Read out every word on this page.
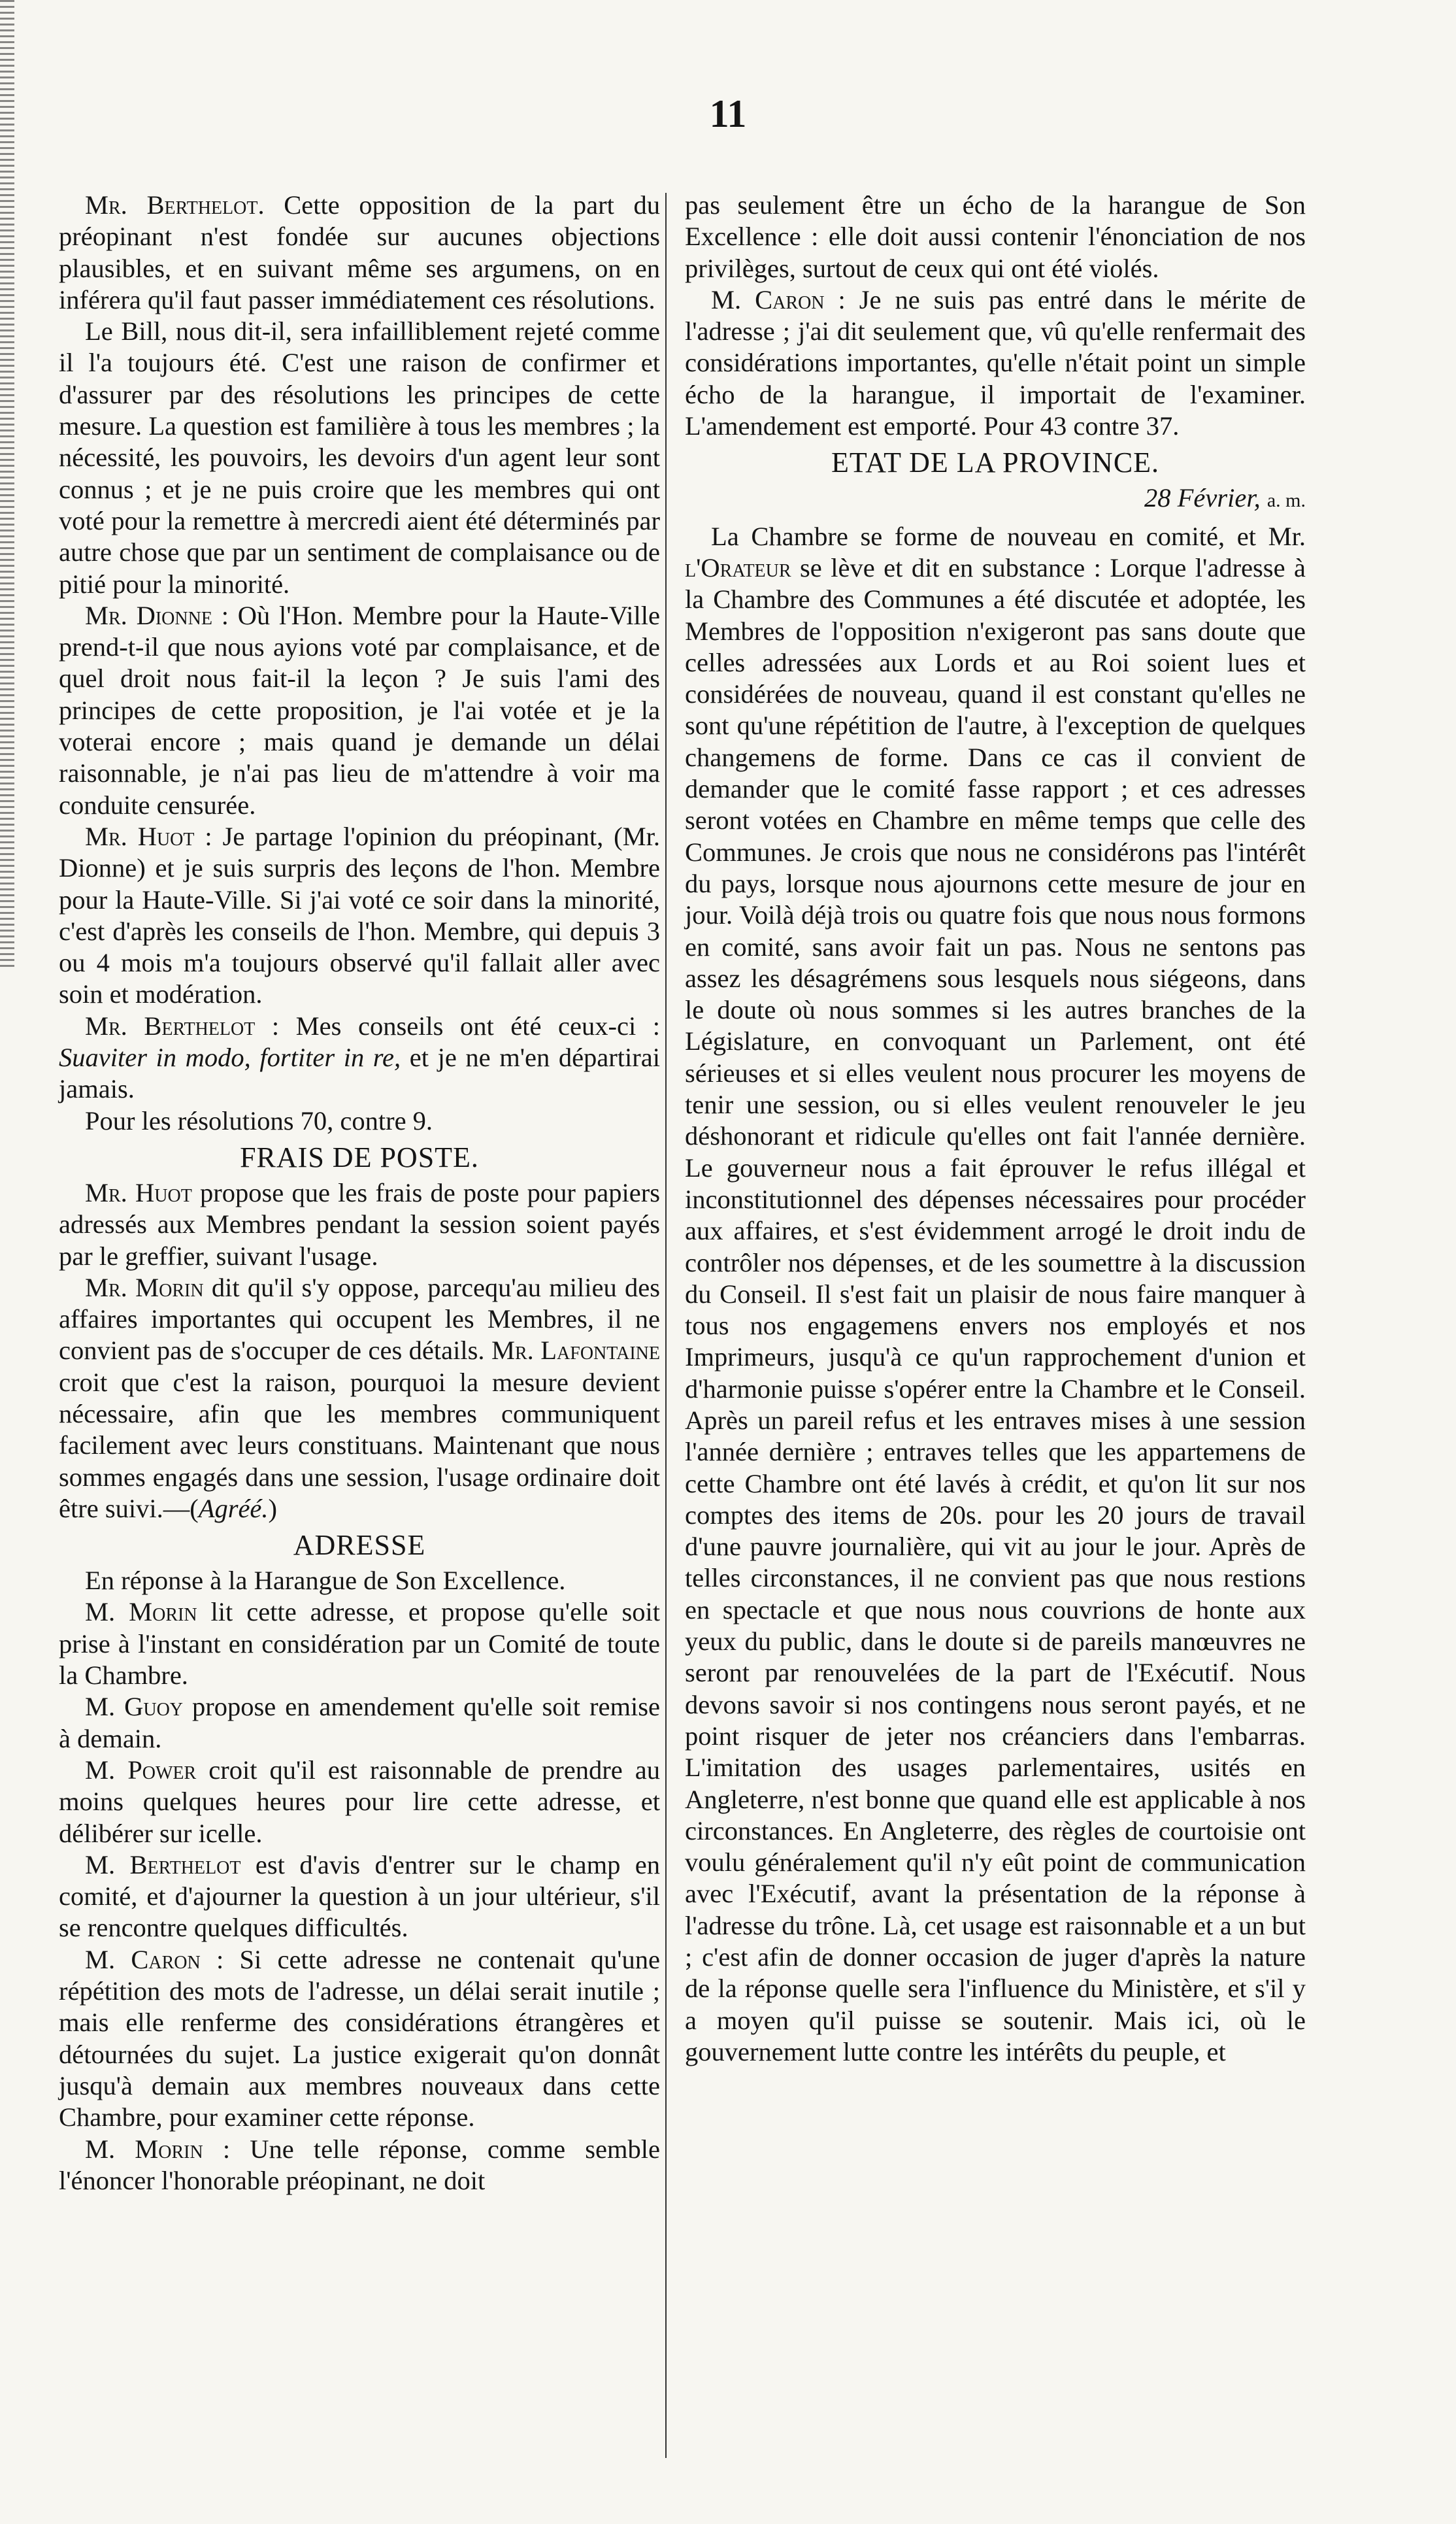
11

Mr. Berthelot. Cette opposition de la part du préopinant n'est fondée sur aucunes objections plausibles, et en suivant même ses argumens, on en inférera qu'il faut passer immédiatement ces résolutions.

Le Bill, nous dit-il, sera infailliblement rejeté comme il l'a toujours été. C'est une raison de confirmer et d'assurer par des résolutions les principes de cette mesure. La question est familière à tous les membres ; la nécessité, les pouvoirs, les devoirs d'un agent leur sont connus ; et je ne puis croire que les membres qui ont voté pour la remettre à mercredi aient été déterminés par autre chose que par un sentiment de complaisance ou de pitié pour la minorité.

Mr. Dionne : Où l'Hon. Membre pour la Haute-Ville prend-t-il que nous ayions voté par complaisance, et de quel droit nous fait-il la leçon ? Je suis l'ami des principes de cette proposition, je l'ai votée et je la voterai encore ; mais quand je demande un délai raisonnable, je n'ai pas lieu de m'attendre à voir ma conduite censurée.

Mr. Huot : Je partage l'opinion du préopinant, (Mr. Dionne) et je suis surpris des leçons de l'hon. Membre pour la Haute-Ville. Si j'ai voté ce soir dans la minorité, c'est d'après les conseils de l'hon. Membre, qui depuis 3 ou 4 mois m'a toujours observé qu'il fallait aller avec soin et modération.

Mr. Berthelot : Mes conseils ont été ceux-ci : Suaviter in modo, fortiter in re, et je ne m'en départirai jamais.

Pour les résolutions 70, contre 9.

FRAIS DE POSTE.

Mr. Huot propose que les frais de poste pour papiers adressés aux Membres pendant la session soient payés par le greffier, suivant l'usage.

Mr. Morin dit qu'il s'y oppose, parcequ'au milieu des affaires importantes qui occupent les Membres, il ne convient pas de s'occuper de ces détails. Mr. Lafontaine croit que c'est la raison, pourquoi la mesure devient nécessaire, afin que les membres communiquent facilement avec leurs constituans. Maintenant que nous sommes engagés dans une session, l'usage ordinaire doit être suivi.—(Agréé.)

ADRESSE

En réponse à la Harangue de Son Excellence.

M. Morin lit cette adresse, et propose qu'elle soit prise à l'instant en considération par un Comité de toute la Chambre.

M. Guoy propose en amendement qu'elle soit remise à demain.

M. Power croit qu'il est raisonnable de prendre au moins quelques heures pour lire cette adresse, et délibérer sur icelle.

M. Berthelot est d'avis d'entrer sur le champ en comité, et d'ajourner la question à un jour ultérieur, s'il se rencontre quelques difficultés.

M. Caron : Si cette adresse ne contenait qu'une répétition des mots de l'adresse, un délai serait inutile ; mais elle renferme des considérations étrangères et détournées du sujet. La justice exigerait qu'on donnât jusqu'à demain aux membres nouveaux dans cette Chambre, pour examiner cette réponse.

M. Morin : Une telle réponse, comme semble l'énoncer l'honorable préopinant, ne doit

pas seulement être un écho de la harangue de Son Excellence : elle doit aussi contenir l'énonciation de nos privilèges, surtout de ceux qui ont été violés.

M. Caron : Je ne suis pas entré dans le mérite de l'adresse ; j'ai dit seulement que, vû qu'elle renfermait des considérations importantes, qu'elle n'était point un simple écho de la harangue, il importait de l'examiner. L'amendement est emporté. Pour 43 contre 37.

ETAT DE LA PROVINCE.

28 Février, a. m.

La Chambre se forme de nouveau en comité, et Mr. l'Orateur se lève et dit en substance : Lorque l'adresse à la Chambre des Communes a été discutée et adoptée, les Membres de l'opposition n'exigeront pas sans doute que celles adressées aux Lords et au Roi soient lues et considérées de nouveau, quand il est constant qu'elles ne sont qu'une répétition de l'autre, à l'exception de quelques changemens de forme. Dans ce cas il convient de demander que le comité fasse rapport ; et ces adresses seront votées en Chambre en même temps que celle des Communes. Je crois que nous ne considérons pas l'intérêt du pays, lorsque nous ajournons cette mesure de jour en jour. Voilà déjà trois ou quatre fois que nous nous formons en comité, sans avoir fait un pas. Nous ne sentons pas assez les désagrémens sous lesquels nous siégeons, dans le doute où nous sommes si les autres branches de la Législature, en convoquant un Parlement, ont été sérieuses et si elles veulent nous procurer les moyens de tenir une session, ou si elles veulent renouveler le jeu déshonorant et ridicule qu'elles ont fait l'année dernière. Le gouverneur nous a fait éprouver le refus illégal et inconstitutionnel des dépenses nécessaires pour procéder aux affaires, et s'est évidemment arrogé le droit indu de contrôler nos dépenses, et de les soumettre à la discussion du Conseil. Il s'est fait un plaisir de nous faire manquer à tous nos engagemens envers nos employés et nos Imprimeurs, jusqu'à ce qu'un rapprochement d'union et d'harmonie puisse s'opérer entre la Chambre et le Conseil. Après un pareil refus et les entraves mises à une session l'année dernière ; entraves telles que les appartemens de cette Chambre ont été lavés à crédit, et qu'on lit sur nos comptes des items de 20s. pour les 20 jours de travail d'une pauvre journalière, qui vit au jour le jour. Après de telles circonstances, il ne convient pas que nous restions en spectacle et que nous nous couvrions de honte aux yeux du public, dans le doute si de pareils manœuvres ne seront par renouvelées de la part de l'Exécutif. Nous devons savoir si nos contingens nous seront payés, et ne point risquer de jeter nos créanciers dans l'embarras. L'imitation des usages parlementaires, usités en Angleterre, n'est bonne que quand elle est applicable à nos circonstances. En Angleterre, des règles de courtoisie ont voulu généralement qu'il n'y eût point de communication avec l'Exécutif, avant la présentation de la réponse à l'adresse du trône. Là, cet usage est raisonnable et a un but ; c'est afin de donner occasion de juger d'après la nature de la réponse quelle sera l'influence du Ministère, et s'il y a moyen qu'il puisse se soutenir. Mais ici, où le gouvernement lutte contre les intérêts du peuple, et
